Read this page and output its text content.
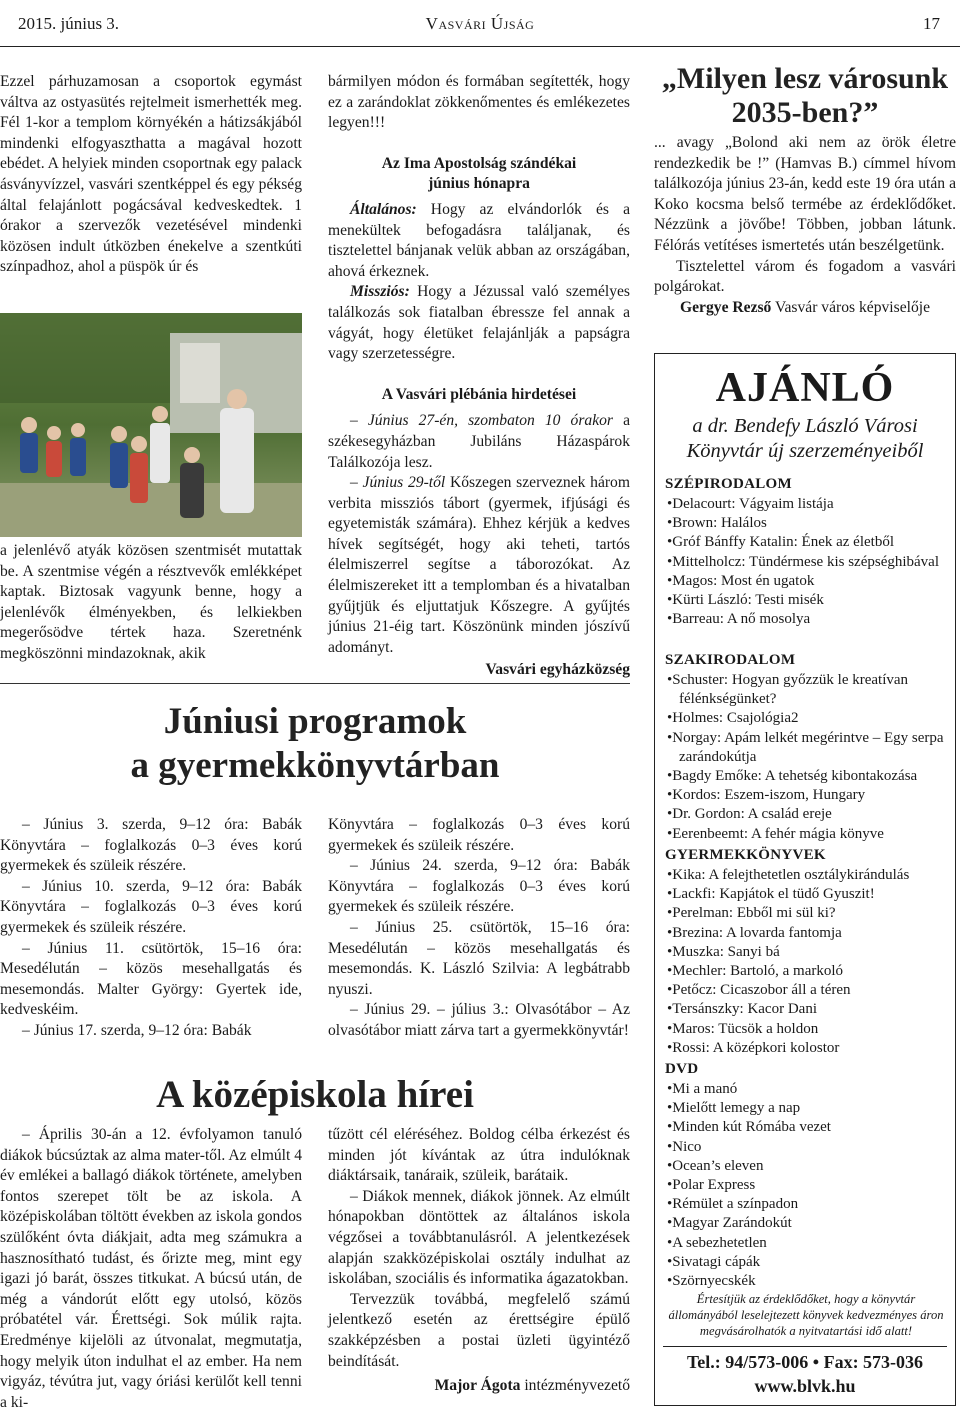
2015. június 3.	Vasvári Újság	17

Ezzel párhuzamosan a csoportok egymást váltva az ostyasütés rejtelmeit ismerhették meg. Fél 1-kor a templom környékén a hátizsákjából mindenki elfogyaszthatta a magával hozott ebédet. A helyiek minden csoportnak egy palack ásványvízzel, vasvári szentképpel és egy pékség által felajánlott pogácsával kedveskedtek. 1 órakor a szervezők vezetésével mindenki közösen indult útközben énekelve a szentkúti színpadhoz, ahol a püspök úr és

a jelenlévő atyák közösen szentmisét mutattak be. A szentmise végén a résztvevők emlékképet kaptak. Biztosak vagyunk benne, hogy a jelenlévők élményekben, és lelkiekben megerősödve tértek haza. Szeretnénk megköszönni mindazoknak, akik

bármilyen módon és formában segítették, hogy ez a zarándoklat zökkenőmentes és emlékezetes legyen!!!

Az Ima Apostolság szándékai

június hónapra

Általános: Hogy az elvándorlók és a menekültek befogadásra találjanak, és tisztelettel bánjanak velük abban az országában, ahová érkeznek.

Missziós: Hogy a Jézussal való személyes találkozás sok fiatalban ébressze fel annak a vágyát, hogy életüket felajánlják a papságra vagy szerzetességre.

A Vasvári plébánia hirdetései

– Június 27-én, szombaton 10 órakor a székesegyházban Jubiláns Házaspárok Találkozója lesz.

– Június 29-től Kőszegen szerveznek három verbita missziós tábort (gyermek, ifjúsági és egyetemisták számára). Ehhez kérjük a kedves hívek segítségét, hogy aki teheti, tartós élelmiszerrel segítse a táborozókat. Az élelmiszereket itt a templomban és a hivatalban gyűjtjük és eljuttatjuk Kőszegre. A gyűjtés június 21-éig tart. Köszönünk minden jószívű adományt.

Vasvári egyházközség

„Milyen lesz városunk 2035-ben?”

... avagy „Bolond aki nem az örök életre rendezkedik be !” (Hamvas B.) címmel hívom találkozója június 23-án, kedd este 19 óra után a Koko kocsma belső termébe az érdeklődőket. Nézzünk a jövőbe! Többen, jobban látunk. Félórás vetítéses ismertetés után beszélgetünk.

Tisztelettel várom és fogadom a vasvári polgárokat.

Gergye Rezső Vasvár város képviselője

Júniusi programok
a gyermekkönyvtárban

– Június 3. szerda, 9–12 óra: Babák Könyvtára – foglalkozás 0–3 éves korú gyermekek és szüleik részére.

– Június 10. szerda, 9–12 óra: Babák Könyvtára – foglalkozás 0–3 éves korú gyermekek és szüleik részére.

– Június 11. csütörtök, 15–16 óra: Mesedélután – közös mesehallgatás és mesemondás. Malter György: Gyertek ide, kedveskéim.

– Június 17. szerda, 9–12 óra: Babák

Könyvtára – foglalkozás 0–3 éves korú gyermekek és szüleik részére.

– Június 24. szerda, 9–12 óra: Babák Könyvtára – foglalkozás 0–3 éves korú gyermekek és szüleik részére.

– Június 25. csütörtök, 15–16 óra: Mesedélután – közös mesehallgatás és mesemondás. K. László Szilvia: A legbátrabb nyuszi.

– Június 29. – július 3.: Olvasótábor – Az olvasótábor miatt zárva tart a gyermekkönyvtár!

A középiskola hírei

– Április 30-án a 12. évfolyamon tanuló diákok búcsúztak az alma mater-től. Az elmúlt 4 év emlékei a ballagó diákok története, amelyben fontos szerepet tölt be az iskola. A középiskolában töltött években az iskola gondos szülőként óvta diákjait, adta meg számukra a hasznosítható tudást, és őrizte meg, mint egy igazi jó barát, összes titkukat. A búcsú után, de még a vándorút előtt egy utolsó, közös próbatétel vár. Érettségi. Sok múlik rajta. Eredménye kijelöli az útvonalat, megmutatja, hogy melyik úton indulhat el az ember. Ha nem vigyáz, tévútra jut, vagy óriási kerülőt kell tenni a ki-

tűzött cél eléréséhez. Boldog célba érkezést és minden jót kívántak az útra indulóknak diáktársaik, tanáraik, szüleik, barátaik.

– Diákok mennek, diákok jönnek. Az elmúlt hónapokban döntöttek az általános iskola végzősei a továbbtanulásról. A jelentkezések alapján szakközépiskolai osztály indulhat az iskolában, szociális és informatika ágazatokban.

Tervezzük továbbá, megfelelő számú jelentkező esetén az érettségire épülő szakképzésben a postai üzleti ügyintéző beindítását.

Major Ágota intézményvezető

AJÁNLÓ
a dr. Bendefy László Városi
Könyvtár új szerzeményeiből
SZÉPIRODALOM
• Delacourt: Vágyaim listája
• Brown: Halálos
• Gróf Bánffy Katalin: Ének az életből
• Mittelholcz: Tündérmese kis szépséghibával
• Magos: Most én ugatok
• Kürti László: Testi misék
• Barreau: A nő mosolya
SZAKIRODALOM
• Schuster: Hogyan győzzük le kreatívan félénkségünket?
• Holmes: Csajológia2
• Norgay: Apám lelkét megérintve – Egy serpa zarándokútja
• Bagdy Emőke: A tehetség kibontakozása
• Kordos: Eszem-iszom, Hungary
• Dr. Gordon: A család ereje
• Eerenbeemt: A fehér mágia könyve
GYERMEKKÖNYVEK
• Kika: A felejthetetlen osztálykirándulás
• Lackfi: Kapjátok el tüdő Gyuszit!
• Perelman: Ebből mi sül ki?
• Brezina: A lovarda fantomja
• Muszka: Sanyi bá
• Mechler: Bartoló, a markoló
• Petőcz: Cicaszobor áll a téren
• Tersánszky: Kacor Dani
• Maros: Tücsök a holdon
• Rossi: A középkori kolostor
DVD
• Mi a manó
• Mielőtt lemegy a nap
• Minden kút Rómába vezet
• Nico
• Ocean’s eleven
• Polar Express
• Rémület a színpadon
• Magyar Zarándokút
• A sebezhetetlen
• Sivatagi cápák
• Szörnyecskék
Értesítjük az érdeklődőket, hogy a könyvtár állományából leselejtezett könyvek kedvezményes áron megvásárolhatók a nyitvatartási idő alatt!
Tel.: 94/573-006 • Fax: 573-036
www.blvk.hu
